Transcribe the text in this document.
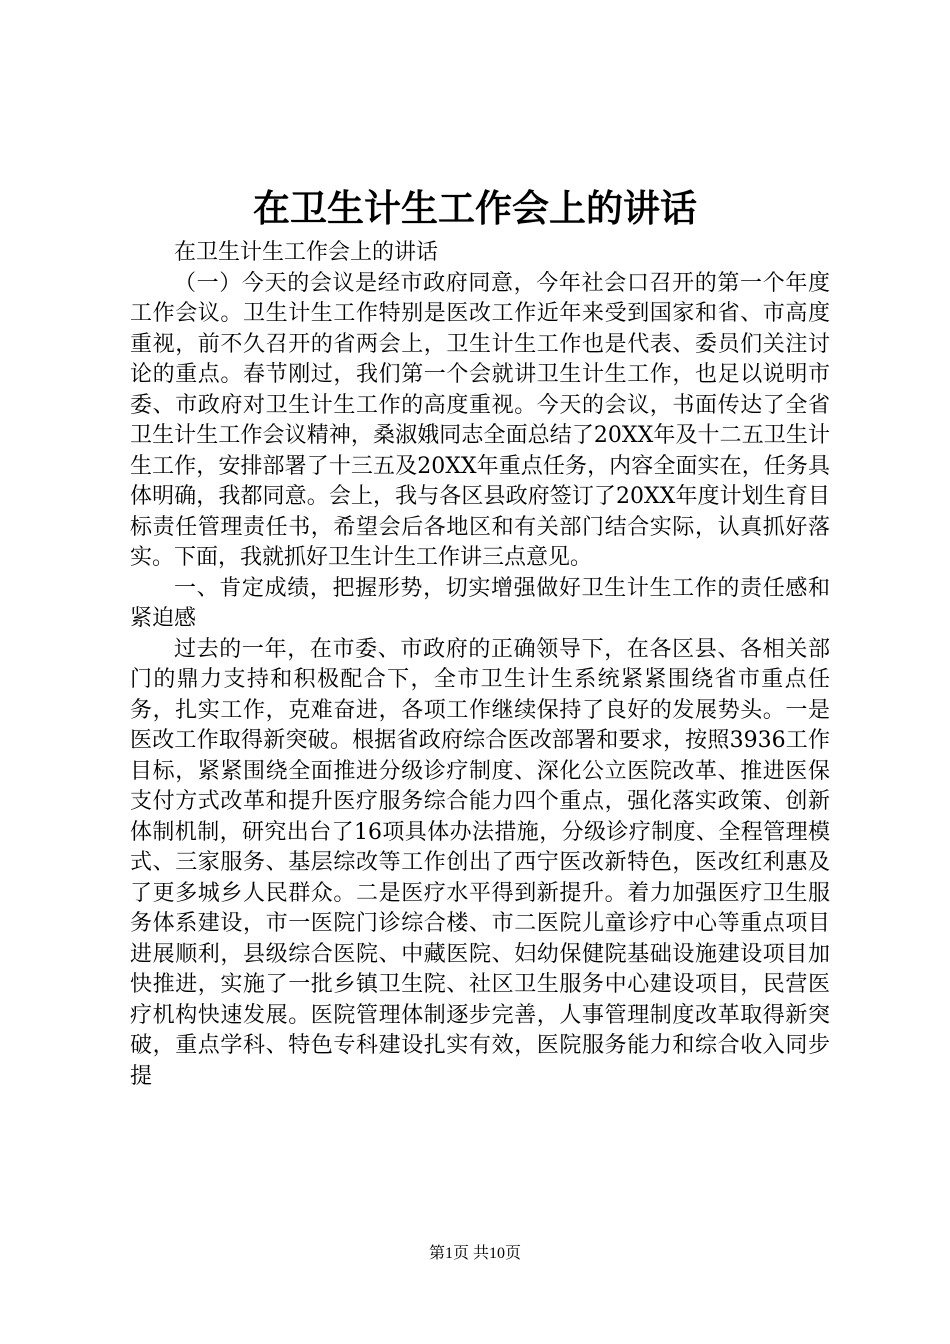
在卫生计生工作会上的讲话

在卫生计生工作会上的讲话

（一）今天的会议是经市政府同意，今年社会口召开的第一个年度工作会议。卫生计生工作特别是医改工作近年来受到国家和省、市高度重视，前不久召开的省两会上，卫生计生工作也是代表、委员们关注讨论的重点。春节刚过，我们第一个会就讲卫生计生工作，也足以说明市委、市政府对卫生计生工作的高度重视。今天的会议，书面传达了全省卫生计生工作会议精神，桑淑娥同志全面总结了20XX年及十二五卫生计生工作，安排部署了十三五及20XX年重点任务，内容全面实在，任务具体明确，我都同意。会上，我与各区县政府签订了20XX年度计划生育目标责任管理责任书，希望会后各地区和有关部门结合实际，认真抓好落实。下面，我就抓好卫生计生工作讲三点意见。

一、肯定成绩，把握形势，切实增强做好卫生计生工作的责任感和紧迫感

过去的一年，在市委、市政府的正确领导下，在各区县、各相关部门的鼎力支持和积极配合下，全市卫生计生系统紧紧围绕省市重点任务，扎实工作，克难奋进，各项工作继续保持了良好的发展势头。一是医改工作取得新突破。根据省政府综合医改部署和要求，按照3936工作目标，紧紧围绕全面推进分级诊疗制度、深化公立医院改革、推进医保支付方式改革和提升医疗服务综合能力四个重点，强化落实政策、创新体制机制，研究出台了16项具体办法措施，分级诊疗制度、全程管理模式、三家服务、基层综改等工作创出了西宁医改新特色，医改红利惠及了更多城乡人民群众。二是医疗水平得到新提升。着力加强医疗卫生服务体系建设，市一医院门诊综合楼、市二医院儿童诊疗中心等重点项目进展顺利，县级综合医院、中藏医院、妇幼保健院基础设施建设项目加快推进，实施了一批乡镇卫生院、社区卫生服务中心建设项目，民营医疗机构快速发展。医院管理体制逐步完善，人事管理制度改革取得新突破，重点学科、特色专科建设扎实有效，医院服务能力和综合收入同步提

第1页 共10页
